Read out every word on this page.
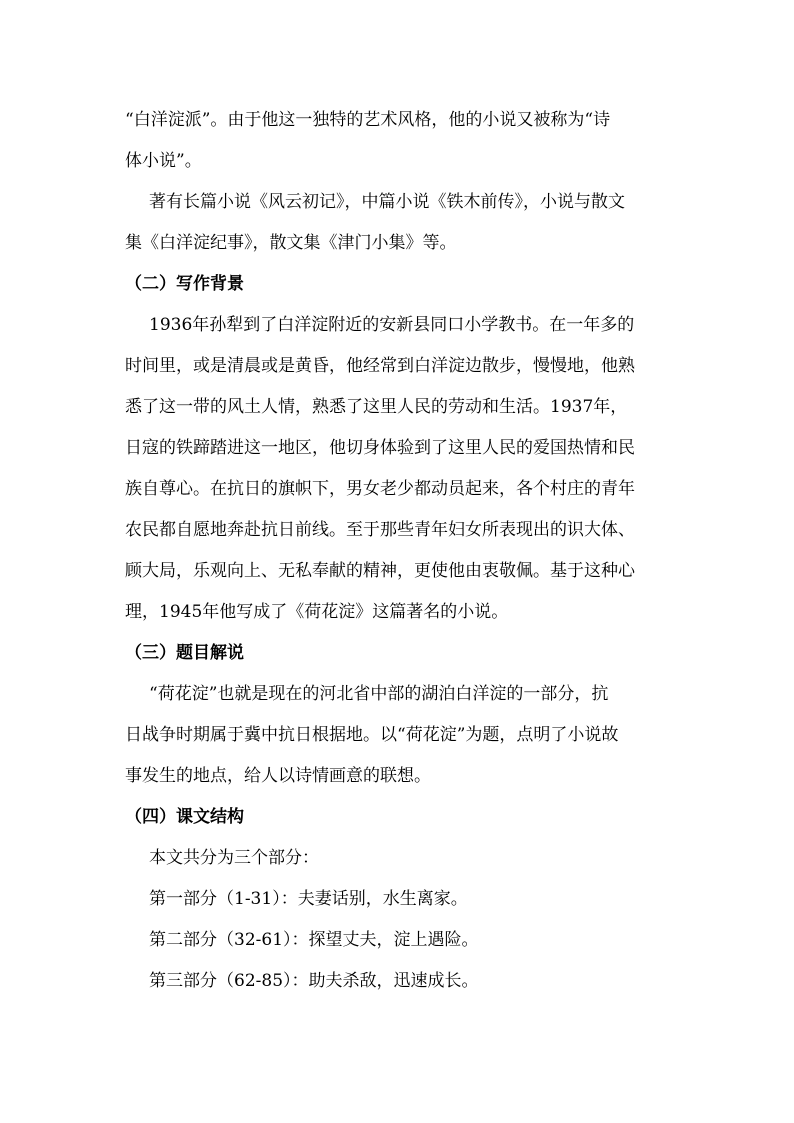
“白洋淀派”。由于他这一独特的艺术风格，他的小说又被称为“诗
体小说”。
著有长篇小说《风云初记》，中篇小说《铁木前传》，小说与散文
集《白洋淀纪事》，散文集《津门小集》等。
（二）写作背景
1936年孙犁到了白洋淀附近的安新县同口小学教书。在一年多的
时间里，或是清晨或是黄昏，他经常到白洋淀边散步，慢慢地，他熟
悉了这一带的风土人情，熟悉了这里人民的劳动和生活。1937年，
日寇的铁蹄踏进这一地区，他切身体验到了这里人民的爱国热情和民
族自尊心。在抗日的旗帜下，男女老少都动员起来，各个村庄的青年
农民都自愿地奔赴抗日前线。至于那些青年妇女所表现出的识大体、
顾大局，乐观向上、无私奉献的精神，更使他由衷敬佩。基于这种心
理，1945年他写成了《荷花淀》这篇著名的小说。
（三）题目解说
“荷花淀”也就是现在的河北省中部的湖泊白洋淀的一部分，抗
日战争时期属于冀中抗日根据地。以“荷花淀”为题，点明了小说故
事发生的地点，给人以诗情画意的联想。
（四）课文结构
本文共分为三个部分：
第一部分（1-31）：夫妻话别，水生离家。
第二部分（32-61）：探望丈夫，淀上遇险。
第三部分（62-85）：助夫杀敌，迅速成长。
